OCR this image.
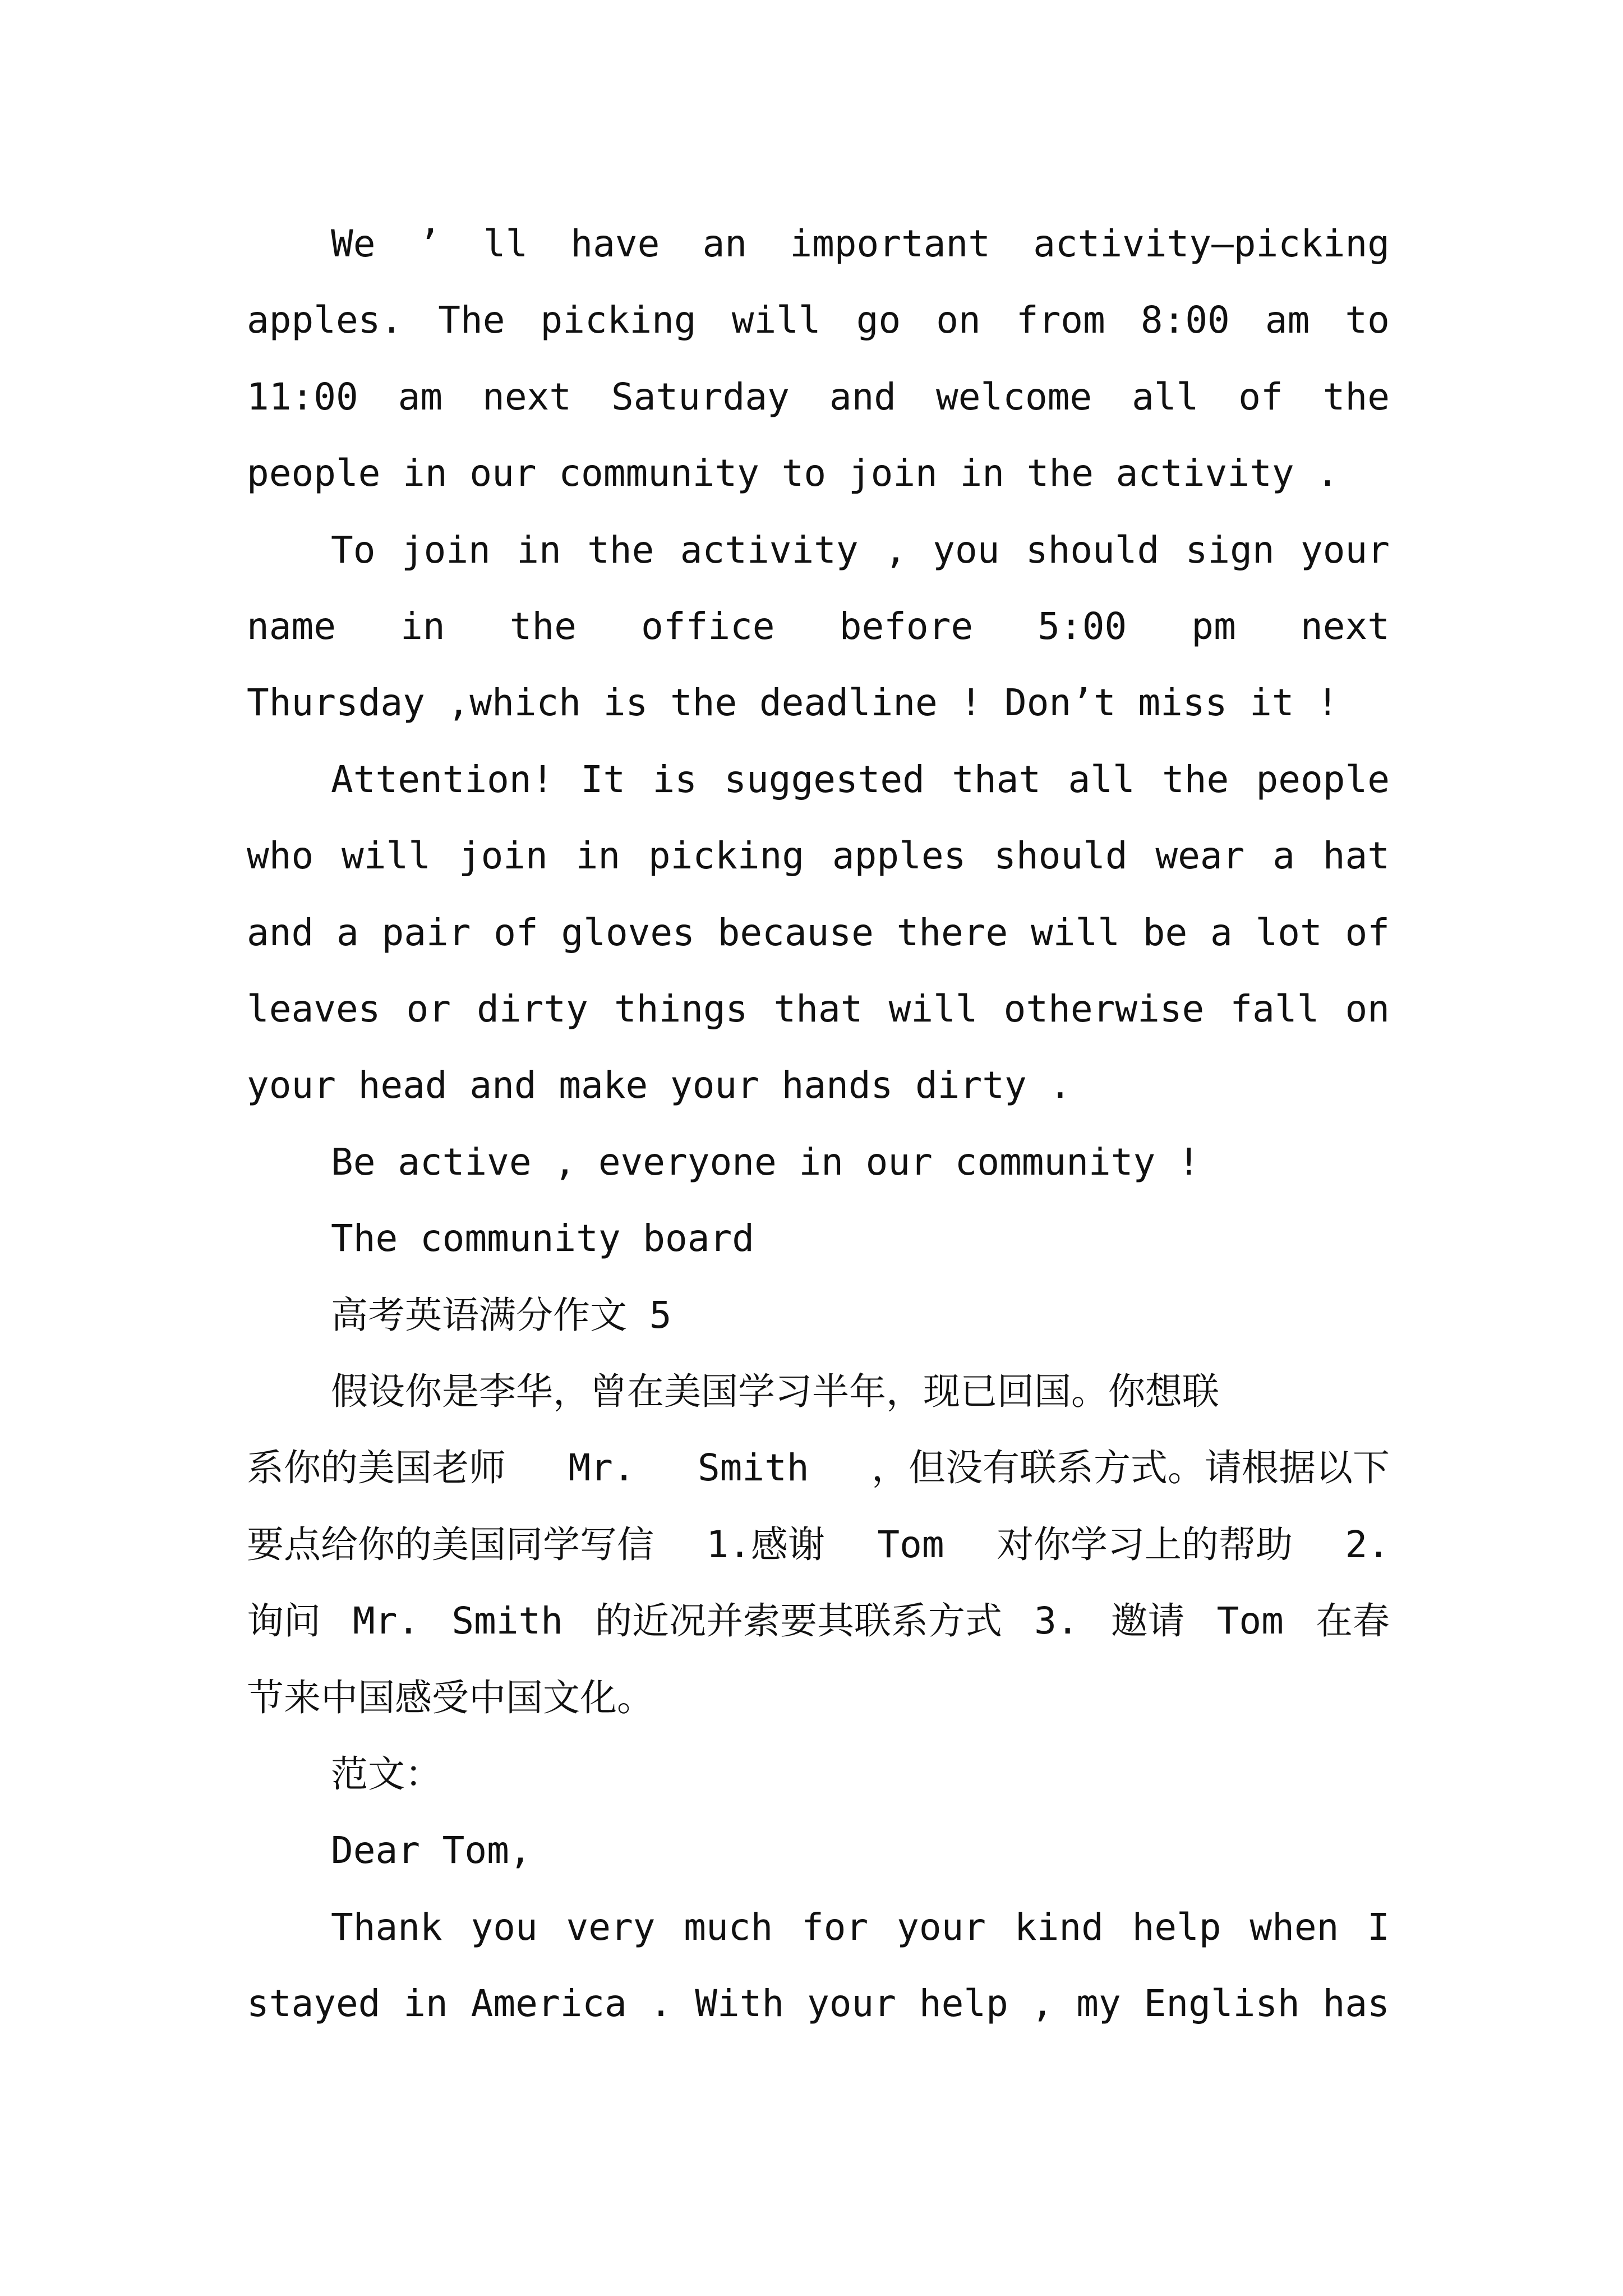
We ’ ll have an important activity—picking
apples. The picking will go on from 8:00 am to
11:00 am next Saturday and welcome all of the
people in our community to join in the activity .
To join in the activity , you should sign your
name in the office before 5:00 pm next
Thursday ,which is the deadline ! Don’t miss it !
Attention! It is suggested that all the people
who will join in picking apples should wear a hat
and a pair of gloves because there will be a lot of
leaves or dirty things that will otherwise fall on
your head and make your hands dirty .
Be active , everyone in our community !
The community board
高考英语满分作文 5
假设你是李华，曾在美国学习半年，现已回国。你想联
系你的美国老师 Mr. Smith ，但没有联系方式。请根据以下
要点给你的美国同学写信 1.感谢 Tom 对你学习上的帮助 2.
询问 Mr. Smith 的近况并索要其联系方式 3. 邀请 Tom 在春
节来中国感受中国文化。
范文：
Dear Tom,
Thank you very much for your kind help when I
stayed in America . With your help , my English has
